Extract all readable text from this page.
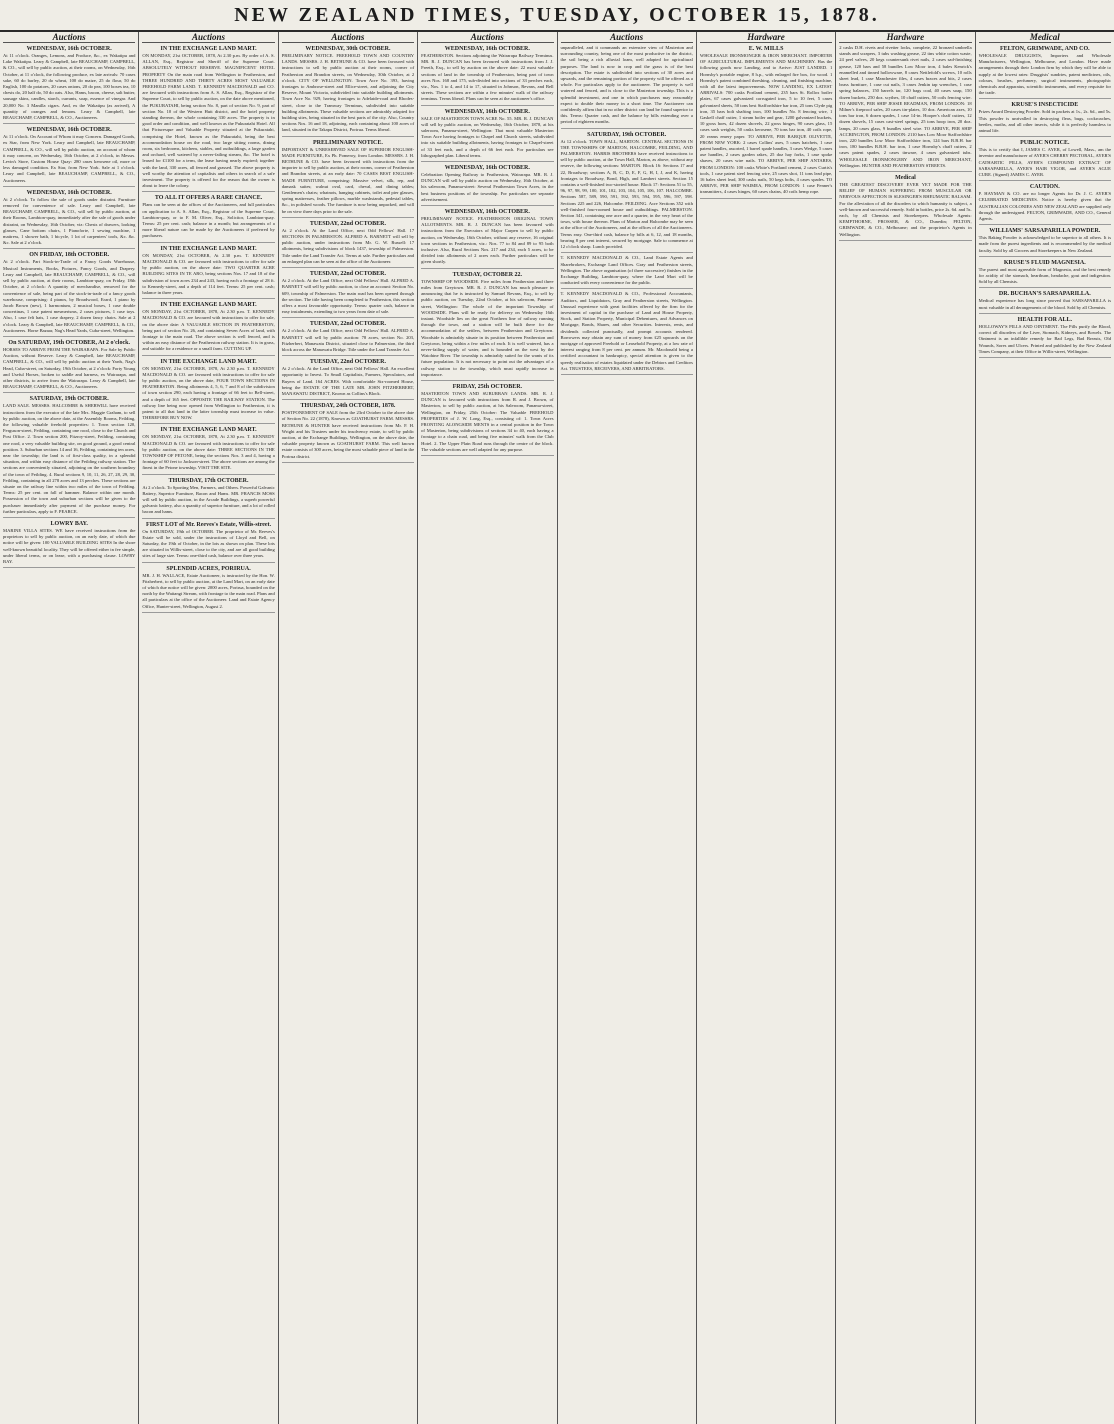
NEW ZEALAND TIMES, TUESDAY, OCTOBER 15, 1878.
Auctions
WEDNESDAY, 16th OCTOBER.

At 11 o'clock. Oranges, Lemons, and Produce, &c., ex Wakatipu and Lake Wakatipu. Leary & Campbell, late BEAUCHAMP, CAMPBELL, & CO., will sell by public auction, at their rooms, on Wednesday, 16th October, at 11 o'clock, the following produce, ex late arrivals: 70 cases sake, 60 do barley, 20 do wheat, 100 do maize, 25 do flour, 50 do English, 100 do potatoes, 20 cases onions, 20 do pea, 100 boxes tea, 10 chests do, 20 half do, 50 do oats. Also, Hams, bacon, cheese, salt butter, sausage skins, candles, starch, currants, soap, essence of vinegar. And 20,000 No. 3 Manilla cigars. And, ex the Wakatipu (as arrived), A quantity of oranges and lemons. Leary & Campbell, late BEAUCHAMP, CAMPBELL, & CO., Auctioneers.

WEDNESDAY, 16th OCTOBER.

At 11 o'clock. On Account of Whom it may Concern. Damaged Goods, ex Star, from New York. Leary and Campbell, late BEAUCHAMP, CAMPBELL, & CO., will sell by public auction, on account of whom it may concern, on Wednesday, 16th October, at 2 o'clock, in Messrs. Levin's Store, Custom House Quay: 280 cases kerosene oil, more or less damaged condition. Ex Star, from New York. Sale at 1 o'clock. Leary and Campbell, late BEAUCHAMP, CAMPBELL, & CO., Auctioneers.

WEDNESDAY, 16th OCTOBER.

At 2 o'clock. To follow the sale of goods under distraint. Furniture removed for convenience of sale. Leary and Campbell, late BEAUCHAMP, CAMPBELL, & CO., will sell by public auction, at their Rooms, Lambton-quay, immediately after the sale of goods under distraint, on Wednesday, 16th October, viz: Chests of drawers, looking glasses, Cane bottom chairs, 1 Pianoforte, 1 sewing machine, 1 mattress, 1 shower bath, 1 bicycle, 1 lot of carpenters' tools, &c. &c. &c. Sale at 2 o'clock.

ON FRIDAY, 18th OCTOBER.

At 2 o'clock. Part Stock-in-Trade of a Fancy Goods Warehouse, Musical Instruments, Books, Pictures, Fancy Goods, and Drapery. Leary and Campbell, late BEAUCHAMP, CAMPBELL, & CO., will sell by public auction, at their rooms, Lambton-quay, on Friday, 18th October, at 2 o'clock: A quantity of merchandise, removed for the convenience of sale, being part of the stock-in-trade of a fancy goods warehouse, comprising: 4 pianos, by Broadwood, Erard, 1 piano by Jacob Brown (new), 1 harmonium, 2 musical boxes, 1 case double concertinas, 1 case patent mesmerisms, 2 cases pictures, 1 case toys. Also, 1 case felt hats, 1 case drapery, 2 dozen fancy chairs. Sale at 2 o'clock. Leary & Campbell, late BEAUCHAMP, CAMPBELL, & CO., Auctioneers. Horse Bazaar, Nag's Head Yards, Cuba-street, Wellington.

On SATURDAY, 19th OCTOBER, At 2 o'clock.

HORSES TO ARRIVE FROM THE WAIRARAPA. For Sale by Public Auction, without Reserve. Leary & Campbell, late BEAUCHAMP, CAMPBELL, & CO., will sell by public auction at their Yards, Nag's Head, Cuba-street, on Saturday, 19th October, at 2 o'clock: Forty Young and Useful Horses, broken to saddle and harness, ex Wairarapa, and other districts, to arrive from the Wairarapa. Leary & Campbell, late BEAUCHAMP, CAMPBELL, & CO., Auctioneers.

SATURDAY, 19th OCTOBER.

LAND SALE. MESSRS. HALCOMBE & SHERWILL have received instructions from the executor of the late Mrs. Maggie Graham, to sell by public auction, on the above date, at the Assembly Rooms, Feilding, the following valuable freehold properties: 1. Town section 120, Ferguson-street, Feilding, containing one rood, close to the Church and Post Office. 2. Town section 200, Fitzroy-street, Feilding, containing one rood, a very valuable building site, on good ground, a good central position. 3. Suburban sections 14 and 16, Feilding, containing ten acres, near the township; the land is of first-class quality, in a splendid situation, and within easy distance of the Feilding railway station. The sections are conveniently situated, adjoining on the southern boundary of the town of Feilding. 4. Rural sections 9, 10, 11, 26, 27, 28, 29, 30, Feilding, containing in all 278 acres and 13 perches. These sections are situate on the railway line within two miles of the town of Feilding. Terms: 25 per cent. on fall of hammer. Balance within one month. Possession of the town and suburban sections will be given to the purchaser immediately after payment of the purchase money. For further particulars, apply to F. PEARCE.

LOWRY BAY.

MARINE VILLA SITES. WE have received instructions from the proprietors to sell by public auction, on an early date, of which due notice will be given: 100 VALUABLE BUILDING SITES In the shore well-known beautiful locality. They will be offered either in fee simple, under liberal terms, or on lease, with a purchasing clause. LOWRY BAY.

Auctions
IN THE EXCHANGE LAND MART.

ON MONDAY, 21st OCTOBER, 1878, At 2.30 p.m. By order of A. S. ALLAN, Esq., Registrar and Sheriff of the Supreme Court. ABSOLUTELY WITHOUT RESERVE. MAGNIFICENT HOTEL PROPERTY On the main road from Wellington to Featherston, and THREE HUNDRED AND THIRTY ACRES MOST VALUABLE FREEHOLD FARM LAND. T. KENNEDY MACDONALD and CO. are favoured with instructions from A. S. Allan, Esq., Registrar of the Supreme Court, to sell by public auction, on the date above mentioned, the PUKURATAHI, being section No. 8, part of section No. 9, part of section No. 10 of the Western Hutt district, and the hotel property standing thereon, the whole containing 330 acres. The property is in good order and condition, and well known as the Pukuratahi Hotel. All that Picturesque and Valuable Property situated at the Pukuratahi, comprising the Hotel, known as the Pakuratahi, being the best accommodation house on the road, two large sitting rooms, dining room, six bedrooms, kitchens, stables, and outbuildings, a large garden and orchard, well watered by a never-failing stream, &c. The hotel is leased for £1100 for a term, the lease having nearly expired; together with the land, 330 acres, all fenced and grassed. The above property is well worthy the attention of capitalists and others in search of a safe investment. The property is offered for the reason that the owner is about to leave the colony.

TO ALL IT OFFERS A RARE CHANCE.

Plans can be seen at the offices of the Auctioneers, and full particulars on application to A. S. Allan, Esq., Registrar of the Supreme Court, Lambton-quay, or to F. M. Oliver, Esq., Solicitor, Lambton-quay. Terms: 25 per cent. cash; balance in a month; but arrangements of a more liberal nature can be made by the Auctioneers if preferred by purchasers.

IN THE EXCHANGE LAND MART.

ON MONDAY, 21st OCTOBER, At 2.30 p.m. T. KENNEDY MACDONALD & CO. are favoured with instructions to offer for sale by public auction, on the above date: TWO QUARTER ACRE BUILDING SITES IN TE ARO, being sections Nos. 17 and 18 of the subdivision of town acres 234 and 243, having each a frontage of 28 ft. to Kennedy-street, and a depth of 114 feet. Terms: 25 per cent. cash; balance in three years.

IN THE EXCHANGE LAND MART.

ON MONDAY, 21st OCTOBER, 1878, At 2.30 p.m. T. KENNEDY MACDONALD & CO. are favoured with instructions to offer for sale, on the above date: A VALUABLE SECTION IN FEATHERSTON, being part of section No. 26, and containing Seven Acres of land, with frontage to the main road. The above section is well fenced, and is within an easy distance of the Featherston railway station. It is in grass, and suitable for a residence or a small farm. CUTTING UP.

IN THE EXCHANGE LAND MART.

ON MONDAY, 21st OCTOBER, 1878, At 2.30 p.m. T. KENNEDY MACDONALD & CO. are favoured with instructions to offer for sale by public auction, on the above date, FOUR TOWN SECTIONS IN FEATHERSTON. Being allotments 4, 5, 6, 7 and 8 of the subdivision of town section 290, each having a frontage of 66 feet to Bell-street, and a depth of 165 feet. OPPOSITE THE RAILWAY STATION. The railway line being now opened from Wellington to Featherston, it is patent to all that land in the latter township must increase in value. THEREFORE BUY NOW.

IN THE EXCHANGE LAND MART.

ON MONDAY, 21st OCTOBER, 1878, At 2.30 p.m. T. KENNEDY MACDONALD & CO. are favoured with instructions to offer for sale by public auction, on the above date: THREE SECTIONS IN THE TOWNSHIP OF PETONE, being the sections Nos. 3 and 4, having a frontage of 60 feet to Jackson-street. The above sections are among the finest in the Petone township. VISIT THE SITE.

THURSDAY, 17th OCTOBER.

At 2 o'clock. To Sporting Men, Farmers, and Others. Powerful Galvanic Battery, Superior Furniture, Bacon and Hams. MR. FRANCIS MOSS will sell by public auction, in the Arcade Buildings, a superb powerful galvanic battery, also a quantity of superior furniture, and a lot of rolled bacon and hams.

FIRST LOT of Mr. Reeves's Estate, Willis-street.

On SATURDAY, 19th of OCTOBER. The proprietor of Mr. Reeves's Estate will be sold, under the instructions of Lloyd and Bell, on Saturday, the 19th of October, in the lots as shown on plan. These lots are situated in Willis-street, close to the city, and are all good building sites of large size. Terms: one-third cash, balance over three years.

SPLENDID ACRES, PORIRUA.

MR. J. H. WALLACE, Estate Auctioneer, is instructed by the Hon. W. Fitzherbert, to sell by public auction, at the Land Mart, on an early date of which due notice will be given: 2000 acres, Porirua, bounded on the north by the Waitangi Stream, with frontage to the main road. Plans and all particulars at the office of the Auctioneer. Land and Estate Agency Office, Hunter-street, Wellington, August 2.

Auctions
WEDNESDAY, 30th OCTOBER.

PRELIMINARY NOTICE. FREEHOLD TOWN AND COUNTRY LANDS. MESSRS. J. H. BETHUNE & CO. have been favoured with instructions to sell by public auction at their rooms, corner of Featherston and Brandon streets, on Wednesday, 30th October, at 2 o'clock. CITY OF WELLINGTON. Town Acre No. 393, having frontages to Ambrose-street and Ellice-street, and adjoining the City Reserve, Mount Victoria, subdivided into suitable building allotments. Town Acre No. 929, having frontages to Adelaide-road and Rhodes-street, close to the Tramway Terminus, subdivided into suitable building allotments. These valuable sections are admirably adapted for building sites, being situated in the best parts of the city. Also, Country sections Nos. 16 and 18, adjoining, each containing about 100 acres of land, situated in the Takapu District, Porirua. Terms liberal.

PRELIMINARY NOTICE.

IMPORTANT & UNRESERVED SALE OF SUPERIOR ENGLISH-MADE FURNITURE, Ex Ph. Pomeroy, from London. MESSRS. J. H. BETHUNE & CO. have been favoured with instructions from the importer to sell by public auction, at their rooms, corner of Featherston and Brandon streets, at an early date: 70 CASES BEST ENGLISH-MADE FURNITURE, comprising: Massive velvet, silk, rep, and damask suites; walnut oval, card, cheval, and dining tables; Gentlemen's chairs; whatnots, hanging cabinets, toilet and pier glasses, spring mattresses, feather pillows, marble washstands, pedestal tables, &c., in polished woods. The furniture is now being unpacked, and will be on view three days prior to the sale.

TUESDAY, 22nd OCTOBER.

At 2 o'clock. At the Land Office, next Odd Fellows' Hall. 17 SECTIONS IN PALMERSTON. ALFRED A. BARNETT will sell by public auction, under instructions from Mr. G. W. Russell: 17 allotments, being subdivisions of block 1437, township of Palmerston. Title under the Land Transfer Act. Terms at sale. Further particulars and an enlarged plan can be seen at the office of the Auctioneer.

TUESDAY, 22nd OCTOBER.

At 2 o'clock. At the Land Office, next Odd Fellows' Hall. ALFRED A. BARNETT will sell by public auction, to close an account: Section No. 609, township of Palmerston. The main road has been opened through the section. The title having been completed to Featherston, this section offers a most favourable opportunity. Terms: quarter cash, balance in easy instalments, extending to two years from date of sale.

TUESDAY, 22nd OCTOBER.

At 2 o'clock. At the Land Office, next Odd Fellows' Hall. ALFRED A. BARNETT will sell by public auction: 78 acres, section No. 203, Fitzherbert, Manawatu District, situated close to Palmerston, the third block across the Manawatu Bridge. Title under the Land Transfer Act.

TUESDAY, 22nd OCTOBER.

At 2 o'clock. At the Land Office, next Odd Fellows' Hall. An excellent opportunity to Invest. To Small Capitalists, Farmers, Speculators, and Buyers of Land. 164 ACRES. With comfortable Six-roomed House, being the ESTATE OF THE LATE MR. JOHN PITZHERBERT, MANAWATU DISTRICT, Known as Collins's Block.

THURSDAY, 24th OCTOBER, 1878.

POSTPONEMENT OF SALE from the 23rd October to the above date of Section No. 22 (1878), Known as GOATHURST FARM. MESSRS. BETHUNE & HUNTER have received instructions from Mr. F. H. Wright and his Trustees under his insolvency estate, to sell by public auction, at the Exchange Buildings, Wellington, on the above date, the valuable property known as GOATHURST FARM. This well known estate consists of 300 acres, being the most valuable piece of land in the Porirua district.

Auctions
WEDNESDAY, 16th OCTOBER.

FEATHERSTON. Sections adjoining the Wairarapa Railway Terminus. MR. R. J. DUNCAN has been favoured with instructions from J. J. Freeth, Esq., to sell by auction on the above date: 22 most valuable sections of land in the township of Featherston, being part of town acres Nos. 168 and 175, sub-divided into sections of 33 perches each, viz., Nos. 1 to 4, and 14 to 17, situated in Johnson, Revans, and Bell streets. These sections are within a few minutes' walk of the railway terminus. Terms liberal. Plans can be seen at the auctioneer's office.

WEDNESDAY, 16th OCTOBER.

SALE OF MASTERTON TOWN ACRE No. 55. MR. R. J. DUNCAN will sell by public auction, on Wednesday, 16th October, 1878, at his saleroom, Panama-street, Wellington: That most valuable Masterton Town Acre having frontages to Chapel and Church streets, subdivided into six suitable building allotments, having frontages to Chapel-street of 33 feet each, and a depth of 66 feet each. For particulars see lithographed plan. Liberal terms.

WEDNESDAY, 16th OCTOBER.

Celebration Opening Railway to Featherston, Wairarapa. MR. R. J. DUNCAN will sell by public auction on Wednesday, 16th October, at his saleroom, Panama-street: Several Featherston Town Acres, in the best business positions of the township. For particulars see separate advertisement.

WEDNESDAY, 16th OCTOBER.

PRELIMINARY NOTICE. FEATHERSTON ORIGINAL TOWN ALLOTMENTS. MR. R. J. DUNCAN has been favoured with instructions from the Executors of Major Carpen to sell by public auction, on Wednesday, 16th October, without any reserve, 16 original town sections in Featherston, viz.: Nos. 77 to 84 and 89 to 95 both inclusive. Also, Rural Sections Nos. 217 and 234, each 5 acres, to be divided into allotments of 2 acres each. Further particulars will be given shortly.

TUESDAY, OCTOBER 22.

TOWNSHIP OF WOODSIDE. Five miles from Featherston and three miles from Greytown. MR. R. J. DUNCAN has much pleasure in announcing that he is instructed by Samuel Revans, Esq., to sell by public auction, on Tuesday, 22nd October, at his saleroom, Panama-street, Wellington: The whole of the important Township of WOODSIDE. Plans will be ready for delivery on Wednesday 16th instant. Woodside lies on the great Northern line of railway running through the town, and a station will be built there for the accommodation of the settlers, between Featherston and Greytown. Woodside is admirably situate in its position between Featherston and Greytown, being within a few miles of each. It is well watered, has a never-failing supply of water, and is bounded on the west by the Waiohine River. The township is admirably suited for the wants of its future population. It is not necessary to point out the advantages of a railway station to the township, which must rapidly increase in importance.

FRIDAY, 25th OCTOBER.

MASTERTON TOWN AND SUBURBAN LANDS. MR. R. J. DUNCAN is favoured with instructions from R. and J. Brown, of Masterton, to sell by public auction, at his Saleroom, Panama-street, Wellington, on Friday, 25th October: The Valuable FREEHOLD PROPERTIES of J. W. Long, Esq., consisting of: 1. Town Acres FRONTING ALONGSIDE MENTS in a central position in the Town of Masterton, being subdivisions of sections 34 to 40, each having a frontage to a chain road, and being five minutes' walk from the Club Hotel. 2. The Upper Plain Road runs through the centre of the block. The valuable sections are well adapted for any purpose.

Auctions

unparalleled, and it commands an extensive view of Masterton and surrounding country, being one of the most productive in the district, the soil being a rich alluvial loam, well adapted for agricultural purposes. The land is now in crop and the grass is of the best description. The estate is subdivided into sections of 30 acres and upwards, and the remaining portion of the property will be offered as a whole. For particulars apply to the auctioneer. The property is well watered and fenced, and is close to the Masterton township. This is a splendid investment, and one in which purchasers may reasonably expect to double their money in a short time. The Auctioneer can confidently affirm that in no other district can land be found superior to this. Terms: Quarter cash, and the balance by bills extending over a period of eighteen months.

SATURDAY, 19th OCTOBER.

At 12 o'clock. TOWN HALL, MARTON. CENTRAL SECTIONS IN THE TOWNSHIPS OF MARTON, HALCOMBE, FEILDING, AND PALMERSTON. HARRIS BROTHERS have received instructions to sell by public auction, at the Town Hall, Marton, as above, without any reserve, the following sections: MARTON. Block 16: Sections 17 and 22, Broadway; sections A, B, C, D, E, F, G, H, I, J, and K, having frontages to Broadway, Bond, High, and Lambert streets. Section 15 contains a well-finished two-storied house. Block 17: Sections 51 to 55, 96, 97, 98, 99, 100, 101, 102, 103, 104, 105, 106, 107. HALCOMBE. Sections 587, 589, 590, 591, 592, 593, 594, 595, 596, 597, 598. Sections 225 and 226, Halcombe. FEILDING. Acre Sections 352 with well-finished four-roomed house and outbuildings. PALMERSTON. Section 341, containing one acre and a quarter, in the very heart of the town, with house thereon. Plans of Marton and Halcombe may be seen at the office of the Auctioneers, and at the offices of all the Auctioneers. Terms easy. One-third cash, balance by bills at 6, 12, and 18 months, bearing 8 per cent interest, secured by mortgage. Sale to commence at 12 o'clock sharp. Lunch provided.

T. KENNEDY MACDONALD & CO., Land Estate Agents and Sharebrokers, Exchange Land Offices. Gray and Featherston streets, Wellington. The above organisation (of three successive) finishes in the Exchange Building, Lambton-quay, where the Land Mart will be conducted with every convenience for the public.

T. KENNEDY MACDONALD & CO., Professional Accountants, Auditors, and Liquidators, Gray and Featherston streets, Wellington. Unusual experience with great facilities offered by the firm for the investment of capital in the purchase of Land and House Property, Stock, and Station Property, Municipal Debentures, and Advances on Mortgage, Bonds, Shares, and other Securities. Interests, rents, and dividends collected punctually, and prompt accounts rendered. Borrowers may obtain any sum of money from £25 upwards on the mortgage of approved Freehold or Leasehold Property, at a low rate of interest ranging from 8 per cent. per annum. Mr. Macdonald being a certified accountant in bankruptcy, special attention is given to the speedy realisation of estates liquidated under the Debtors and Creditors Act. TRUSTEES, RECEIVERS, AND ARBITRATORS.

Hardware
E. W. MILLS

WHOLESALE IRONMONGER & IRON MERCHANT. IMPORTER OF AGRICULTURAL IMPLEMENTS AND MACHINERY. Has the following goods now Landing, and to Arrive: JUST LANDED. 1 Hornsby's portable engine, 8 h.p., with enlarged fire box, for wood. 1 Hornsby's patent combined threshing, cleaning, and finishing machine, with all the latest improvements. NOW LANDING, EX LATEST ARRIVALS: 700 casks Portland cement, 235 bars St. Rollox boiler plates, 67 cases galvanized corrugated iron, 5 to 10 feet, 5 cases galvanized sheets, 50 tons best Staffordshire bar iron, 25 tons Clyde pig iron, 35 bars bolt shafting iron, 100 bundles No. 8 fencing wire, 1 Gaskell chaff cutter, 1 steam boiler and gear, 1200 galvanized buckets, 10 gross hoes, 42 dozen shovels, 22 gross hinges, 90 cases glass, 15 cases sash weights, 50 casks kerosene, 70 tons bar iron, 40 coils rope, 20 reams emery paper. TO ARRIVE, PER BARQUE OLIVETTE, FROM NEW YORK: 2 cases Collins' axes, 5 cases hatchets, 1 case patent handles, assorted, 1 barrel spade handles, 3 cases Wedge, 5 cases axe handles, 2 cases garden rakes, 25 doz hay forks, 1 case spoke shaves, 20 cases wire nails. TO ARRIVE, PER SHIP ANTARES, FROM LONDON: 100 casks White's Portland cement, 2 cases Curtis's tools, 1 case patent steel fencing wire, 25 cases shot, 11 tons lead pipe, 16 bales sheet lead, 300 casks nails, 50 kegs bolts, 4 cases spades. TO ARRIVE, PER SHIP WAIMEA, FROM LONDON: 1 case Fenner's transmitters, 4 cases hinges, 60 cases chains, 40 coils hemp rope.

Hardware

2 casks D.H. rivets and rivetter locks, complete, 22 bronzed umbrella stands and scrapers, 3 tubs washing grease, 22 tins white cotton waste, 24 peel valves, 20 kegs countersunk rivet nails, 2 cases sad-finishing grease, 120 bars and 58 bundles Low Moor iron, 4 bales Kenrick's enamelled and tinned hollowware, 8 cases Nettlefold's screws, 10 rolls sheet lead, 1 case Manchester files, 4 cases braces and bits, 2 cases brass furniture, 1 case cut nails, 3 cases Jenkin tap wrenches, 1 case spring balances, 150 barrels tar, 120 bags coal, 40 cases soap, 150 dozen buckets, 250 doz. scythes, 10 chaff cutters, 50 coils fencing wire. TO ARRIVE, PER SHIP JESSIE READMAN, FROM LONDON: 18 Milner's fireproof safes, 20 cases tin-plates, 10 doz. American axes, 10 tons bar iron, 6 dozen spades, 1 case 14-in. Hooper's chaff cutters, 12 dozen shovels, 15 cases cast-steel springs, 25 tons hoop iron, 20 doz. lamps, 20 cases glass, 9 bundles steel wire. TO ARRIVE, PER SHIP ACCRINGTON, FROM LONDON: 2110 bars Low Moor Staffordshire iron, 220 bundles Low Moor Staffordshire iron, 124 bars B.B.H. bar iron, 180 bundles B.B.H. bar iron, 1 case Hornsby's chaff cutters, 2 cases patent spades, 2 cases tinware, 4 cases galvanized tubs. WHOLESALE IRONMONGERY AND IRON MERCHANT, Wellington. HUNTER AND FEATHERSTON STREETS.

Medical

THE GREATEST DISCOVERY EVER YET MADE FOR THE RELIEF OF HUMAN SUFFERING FROM MUSCULAR OR NERVOUS AFFECTION IS SLESINGER'S RHEUMATIC BALSAM. For the alleviation of all the disorders to which humanity is subject, a well-known and successful remedy. Sold in bottles, price 2s. 6d. and 5s. each, by all Chemists and Storekeepers. Wholesale Agents: KEMPTHORNE, PROSSER, & CO., Dunedin; FELTON, GRIMWADE, & CO., Melbourne; and the proprietor's Agents in Wellington.

Medical
FELTON, GRIMWADE, AND CO.

WHOLESALE DRUGGISTS, Importers and Wholesale Manufacturers, Wellington, Melbourne, and London. Have made arrangements through their London firm by which they will be able to supply at the lowest rates: Druggists' sundries, patent medicines, oils, colours, brushes, perfumery, surgical instruments, photographic chemicals and apparatus, scientific instruments, and every requisite for the trade.

KRUSE'S INSECTICIDE

Prizes Award Destroying Powder. Sold in packets at 1s., 2s. 6d., and 5s. This powder is unrivalled in destroying fleas, bugs, cockroaches, beetles, moths, and all other insects, while it is perfectly harmless to animal life.

PUBLIC NOTICE.

This is to certify that I, JAMES C. AYER, of Lowell, Mass., am the inventor and manufacturer of AYER'S CHERRY PECTORAL, AYER'S CATHARTIC PILLS, AYER'S COMPOUND EXTRACT OF SARSAPARILLA, AYER'S HAIR VIGOR, and AYER'S AGUE CURE. (Signed) JAMES C. AYER.

CAUTION.

P. HAYMAN & CO. are no longer Agents for Dr. J. C. AYER'S CELEBRATED MEDICINES. Notice is hereby given that the AUSTRALIAN COLONIES AND NEW ZEALAND are supplied only through the undersigned. FELTON, GRIMWADE, AND CO., General Agents.

WILLIAMS' SARSAPARILLA POWDER.

This Baking Powder is acknowledged to be superior to all others. It is made from the purest ingredients and is recommended by the medical faculty. Sold by all Grocers and Storekeepers in New Zealand.

KRUSE'S FLUID MAGNESIA.

The purest and most agreeable form of Magnesia, and the best remedy for acidity of the stomach, heartburn, headache, gout and indigestion. Sold by all Chemists.

DR. BUCHAN'S SARSAPARILLA.

Medical experience has long since proved that SARSAPARILLA is most valuable in all derangements of the blood. Sold by all Chemists.

HEALTH FOR ALL.

HOLLOWAY'S PILLS AND OINTMENT. The Pills purify the Blood, correct all disorders of the Liver, Stomach, Kidneys, and Bowels. The Ointment is an infallible remedy for Bad Legs, Bad Breasts, Old Wounds, Sores and Ulcers. Printed and published by the New Zealand Times Company, at their Office in Willis-street, Wellington.
